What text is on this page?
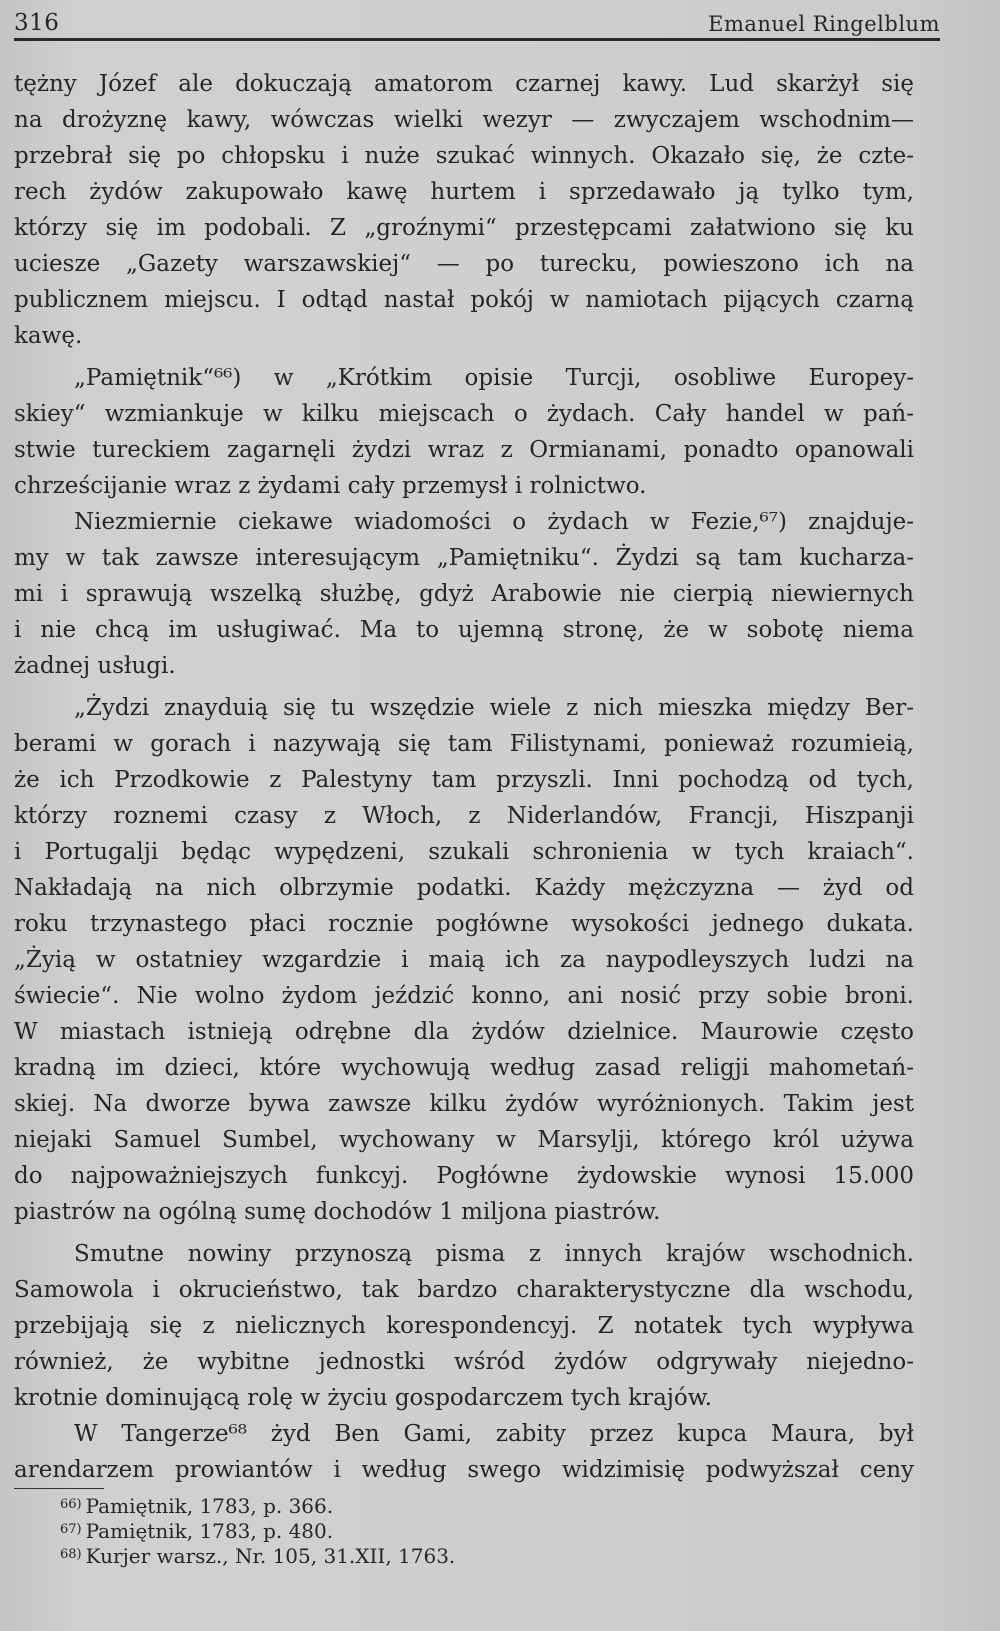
316	Emanuel Ringelblum
tężny Józef ale dokuczają amatorom czarnej kawy. Lud skarżył się
na drożyznę kawy, wówczas wielki wezyr — zwyczajem wschodnim—
przebrał się po chłopsku i nuże szukać winnych. Okazało się, że czte-
rech żydów zakupowało kawę hurtem i sprzedawało ją tylko tym,
którzy się im podobali. Z „groźnymi“ przestępcami załatwiono się ku
uciesze „Gazety warszawskiej“ — po turecku, powieszono ich na
publicznem miejscu. I odtąd nastał pokój w namiotach pijących czarną
kawę.
„Pamiętnik“⁶⁶) w „Krótkim opisie Turcji, osobliwe Europey-
skiey“ wzmiankuje w kilku miejscach o żydach. Cały handel w pań-
stwie tureckiem zagarnęli żydzi wraz z Ormianami, ponadto opanowali
chrześcijanie wraz z żydami cały przemysł i rolnictwo.
Niezmiernie ciekawe wiadomości o żydach w Fezie,⁶⁷) znajduje-
my w tak zawsze interesującym „Pamiętniku“. Żydzi są tam kucharza-
mi i sprawują wszelką służbę, gdyż Arabowie nie cierpią niewiernych
i nie chcą im usługiwać. Ma to ujemną stronę, że w sobotę niema
żadnej usługi.
„Żydzi znayduią się tu wszędzie wiele z nich mieszka między Ber-
berami w gorach i nazywają się tam Filistynami, ponieważ rozumieią,
że ich Przodkowie z Palestyny tam przyszli. Inni pochodzą od tych,
którzy roznemi czasy z Włoch, z Niderlandów, Francji, Hiszpanji
i Portugalji będąc wypędzeni, szukali schronienia w tych kraiach“.
Nakładają na nich olbrzymie podatki. Każdy mężczyzna — żyd od
roku trzynastego płaci rocznie pogłówne wysokości jednego dukata.
„Żyią w ostatniey wzgardzie i maią ich za naypodleyszych ludzi na
świecie“. Nie wolno żydom jeździć konno, ani nosić przy sobie broni.
W miastach istnieją odrębne dla żydów dzielnice. Maurowie często
kradną im dzieci, które wychowują według zasad religji mahometań-
skiej. Na dworze bywa zawsze kilku żydów wyróżnionych. Takim jest
niejaki Samuel Sumbel, wychowany w Marsylji, którego król używa
do najpoważniejszych funkcyj. Pogłówne żydowskie wynosi 15.000
piastrów na ogólną sumę dochodów 1 miljona piastrów.
Smutne nowiny przynoszą pisma z innych krajów wschodnich.
Samowola i okrucieństwo, tak bardzo charakterystyczne dla wschodu,
przebijają się z nielicznych korespondencyj. Z notatek tych wypływa
również, że wybitne jednostki wśród żydów odgrywały niejedno-
krotnie dominującą rolę w życiu gospodarczem tych krajów.
W Tangerze⁶⁸ żyd Ben Gami, zabity przez kupca Maura, był
arendarzem prowiantów i według swego widzimisię podwyższał ceny
$^{66)}$ Pamiętnik, 1783, p. 366.
$^{67)}$ Pamiętnik, 1783, p. 480.
$^{68)}$ Kurjer warsz., Nr. 105, 31.XII, 1763.
